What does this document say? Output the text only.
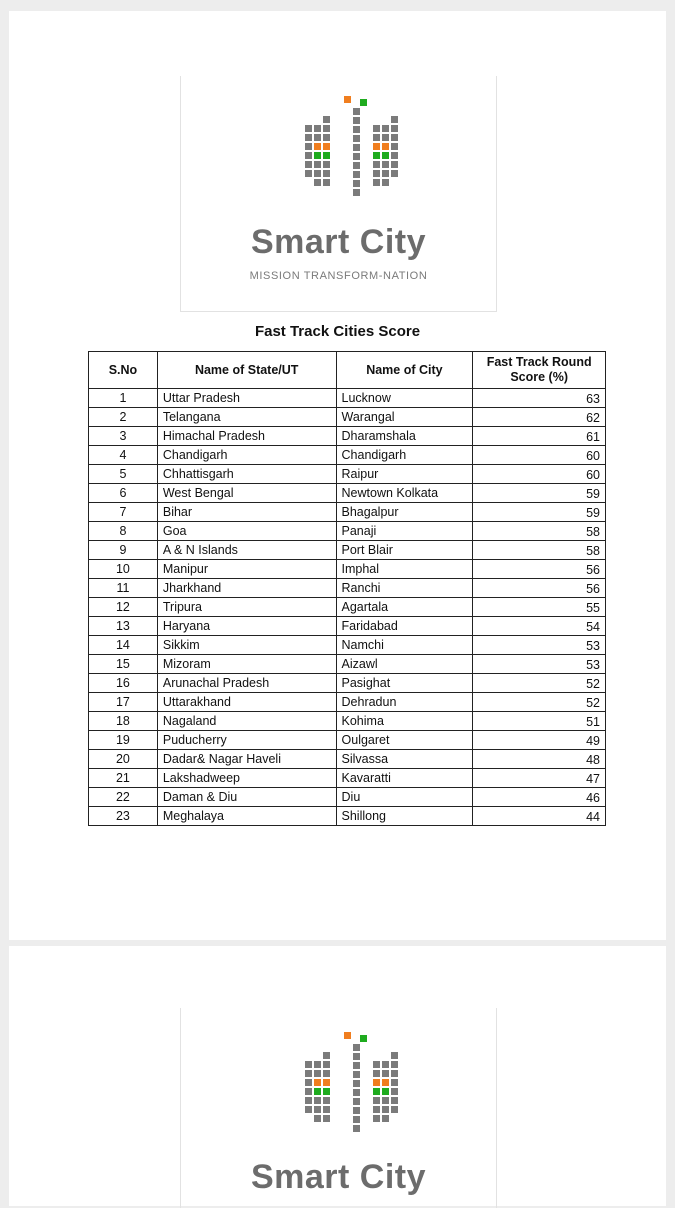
Smart City
MISSION TRANSFORM-NATION
Fast Track Cities Score
S.No	Name of State/UT	Name of City	Fast Track Round Score (%)
1	Uttar Pradesh	Lucknow	63
2	Telangana	Warangal	62
3	Himachal Pradesh	Dharamshala	61
4	Chandigarh	Chandigarh	60
5	Chhattisgarh	Raipur	60
6	West Bengal	Newtown Kolkata	59
7	Bihar	Bhagalpur	59
8	Goa	Panaji	58
9	A & N Islands	Port Blair	58
10	Manipur	Imphal	56
11	Jharkhand	Ranchi	56
12	Tripura	Agartala	55
13	Haryana	Faridabad	54
14	Sikkim	Namchi	53
15	Mizoram	Aizawl	53
16	Arunachal Pradesh	Pasighat	52
17	Uttarakhand	Dehradun	52
18	Nagaland	Kohima	51
19	Puducherry	Oulgaret	49
20	Dadar& Nagar Haveli	Silvassa	48
21	Lakshadweep	Kavaratti	47
22	Daman & Diu	Diu	46
23	Meghalaya	Shillong	44
Smart City
